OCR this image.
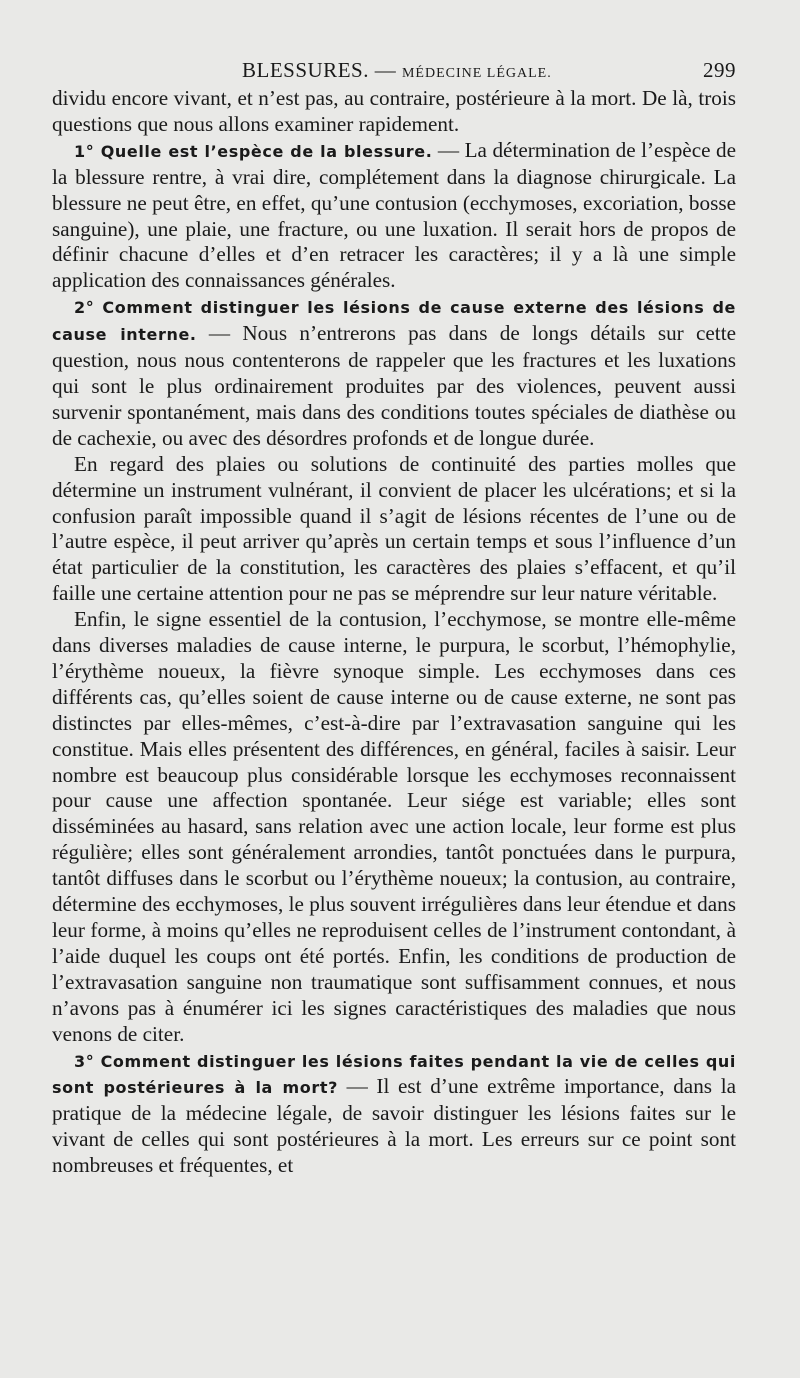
BLESSURES. — MÉDECINE LÉGALE.	299

dividu encore vivant, et n’est pas, au contraire, postérieure à la mort. De là, trois questions que nous allons examiner rapidement.

1° Quelle est l’espèce de la blessure. — La détermination de l’espèce de la blessure rentre, à vrai dire, complétement dans la diagnose chirurgicale. La blessure ne peut être, en effet, qu’une contusion (ecchymoses, excoriation, bosse sanguine), une plaie, une fracture, ou une luxation. Il serait hors de propos de définir chacune d’elles et d’en retracer les caractères; il y a là une simple application des connaissances générales.

2° Comment distinguer les lésions de cause externe des lésions de cause interne. — Nous n’entrerons pas dans de longs détails sur cette question, nous nous contenterons de rappeler que les fractures et les luxations qui sont le plus ordinairement produites par des violences, peuvent aussi survenir spontanément, mais dans des conditions toutes spéciales de diathèse ou de cachexie, ou avec des désordres profonds et de longue durée.

En regard des plaies ou solutions de continuité des parties molles que détermine un instrument vulnérant, il convient de placer les ulcérations; et si la confusion paraît impossible quand il s’agit de lésions récentes de l’une ou de l’autre espèce, il peut arriver qu’après un certain temps et sous l’influence d’un état particulier de la constitution, les caractères des plaies s’effacent, et qu’il faille une certaine attention pour ne pas se méprendre sur leur nature véritable.

Enfin, le signe essentiel de la contusion, l’ecchymose, se montre elle-même dans diverses maladies de cause interne, le purpura, le scorbut, l’hémophylie, l’érythème noueux, la fièvre synoque simple. Les ecchymoses dans ces différents cas, qu’elles soient de cause interne ou de cause externe, ne sont pas distinctes par elles-mêmes, c’est-à-dire par l’extravasation sanguine qui les constitue. Mais elles présentent des différences, en général, faciles à saisir. Leur nombre est beaucoup plus considérable lorsque les ecchymoses reconnaissent pour cause une affection spontanée. Leur siége est variable; elles sont disséminées au hasard, sans relation avec une action locale, leur forme est plus régulière; elles sont généralement arrondies, tantôt ponctuées dans le purpura, tantôt diffuses dans le scorbut ou l’érythème noueux; la contusion, au contraire, détermine des ecchymoses, le plus souvent irrégulières dans leur étendue et dans leur forme, à moins qu’elles ne reproduisent celles de l’instrument contondant, à l’aide duquel les coups ont été portés. Enfin, les conditions de production de l’extravasation sanguine non traumatique sont suffisamment connues, et nous n’avons pas à énumérer ici les signes caractéristiques des maladies que nous venons de citer.

3° Comment distinguer les lésions faites pendant la vie de celles qui sont postérieures à la mort? — Il est d’une extrême importance, dans la pratique de la médecine légale, de savoir distinguer les lésions faites sur le vivant de celles qui sont postérieures à la mort. Les erreurs sur ce point sont nombreuses et fréquentes, et
